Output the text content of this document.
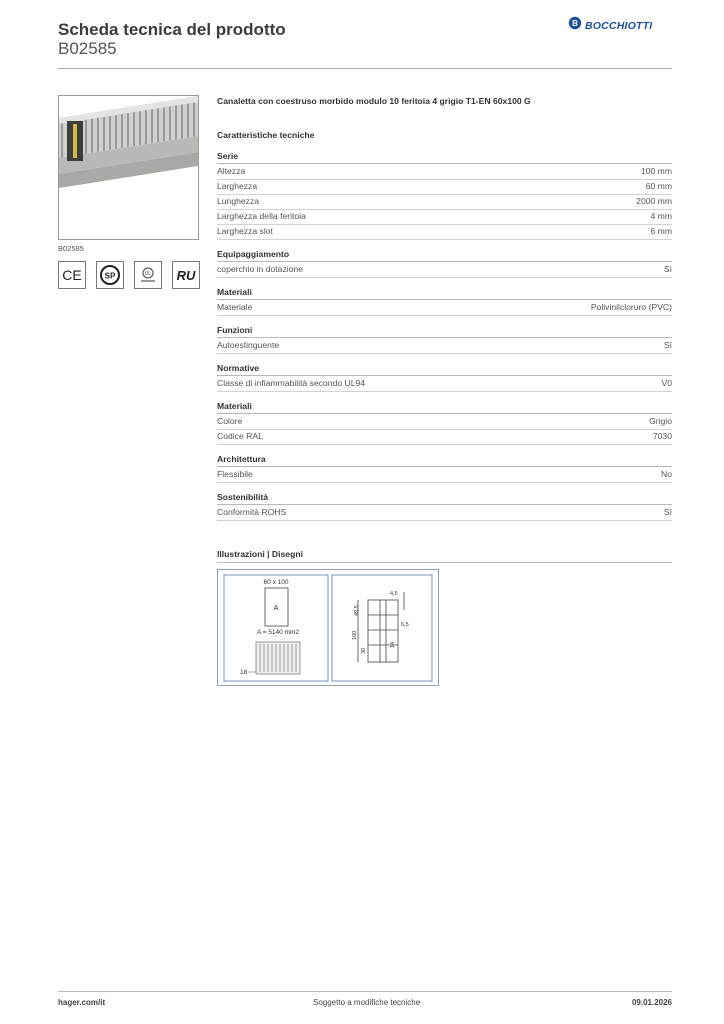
Scheda tecnica del prodotto
B02585
B BOCCHIOTTI
B02585
CE	SP	UL RU
Canaletta con coestruso morbido modulo 10 feritoia 4 grigio T1-EN 60x100 G
Caratteristiche tecniche
Serie
Altezza	100 mm
Larghezza	60 mm
Lunghezza	2000 mm
Larghezza della feritoia	4 mm
Larghezza slot	6 mm
Equipaggiamento
coperchio in dotazione	Sì
Materiali
Materiale	Polivinilcloruro (PVC)
Funzioni
Autoestinguente	Sì
Normative
Classe di infiammabilità secondo UL94	V0
Materiali
Colore	Grigio
Codice RAL	7030
Architettura
Flessibile	No
Sostenibilità
Conformità ROHS	Sì
Illustrazioni | Disegni
60 x 100
A
A = 5140 mm2
18
4,5
6,5
14
49,5
100
30
hager.com/it	Soggetto a modifiche tecniche	09.01.2026
